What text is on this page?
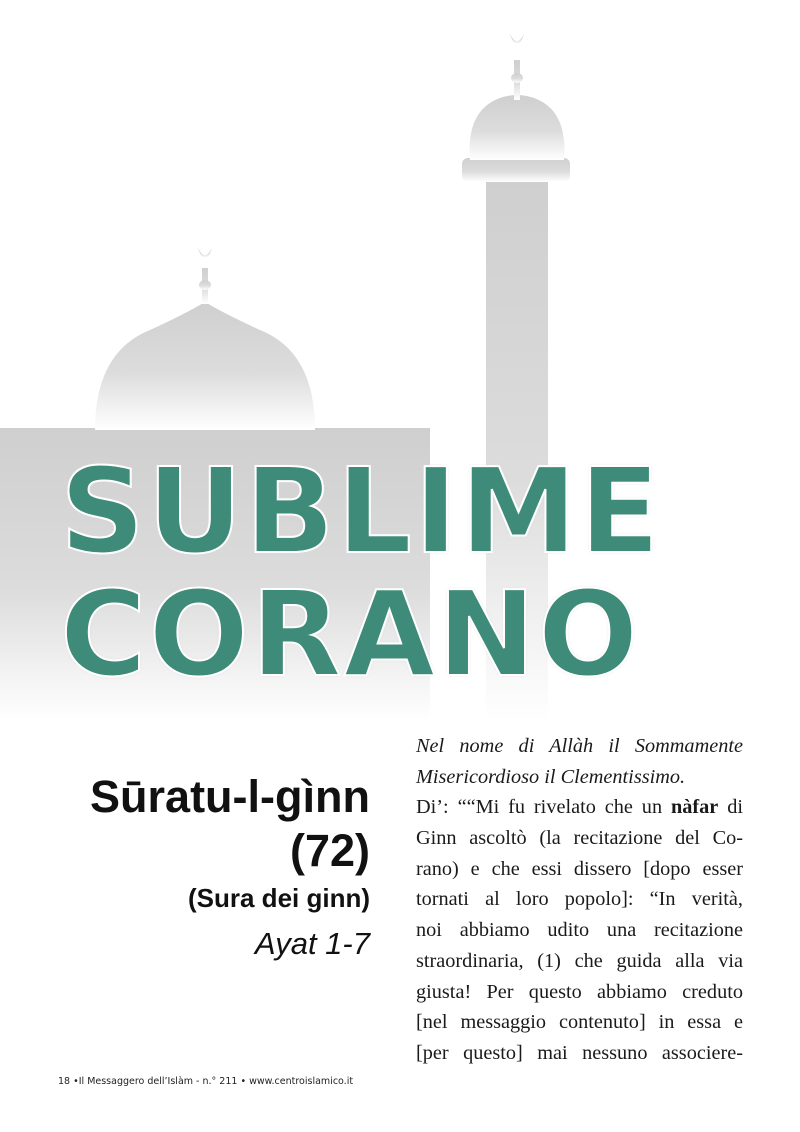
SUBLIME
CORANO
Sūratu-l-gìnn
(72)
(Sura dei ginn)
Ayat 1-7
Nel nome di Allàh il Sommamente
Misericordioso il Clementissimo.
Di’: ““Mi fu rivelato che un nàfar di
Ginn ascoltò (la recitazione del Co-
rano) e che essi dissero [dopo esser
tornati al loro popolo]: “In verità,
noi abbiamo udito una recitazione
straordinaria, (1) che guida alla via
giusta! Per questo abbiamo creduto
[nel messaggio contenuto] in essa e
[per questo] mai nessuno associere-
18 •Il Messaggero dell’Islàm - n.° 211 • www.centroislamico.it
